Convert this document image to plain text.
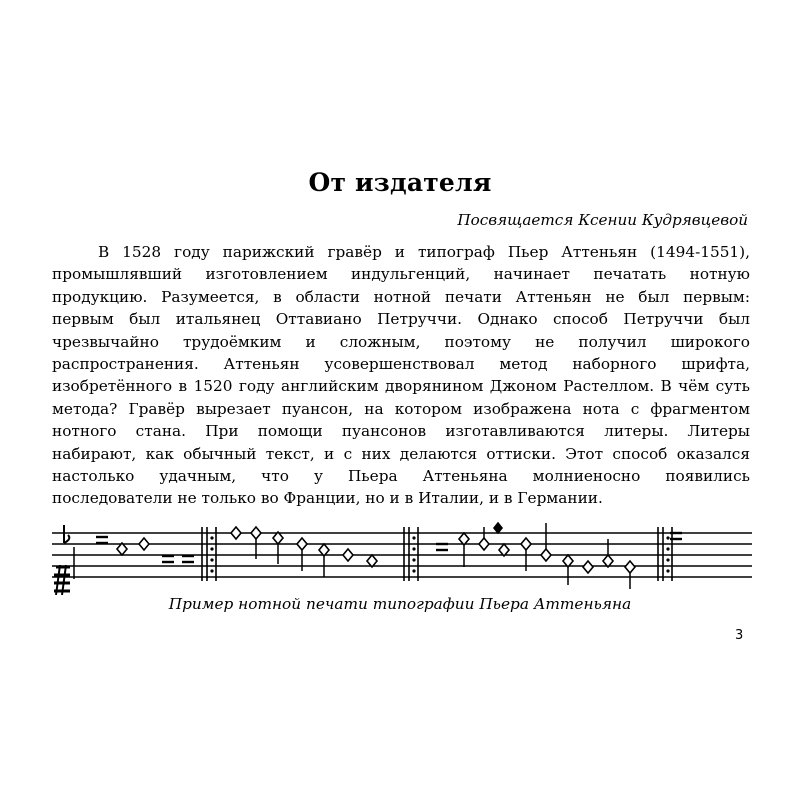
От издателя
Посвящается Ксении Кудрявцевой
В 1528 году парижский гравёр и типограф Пьер Аттеньян (1494-1551),
промышлявший изготовлением индульгенций, начинает печатать нотную
продукцию. Разумеется, в области нотной печати Аттеньян не был первым:
первым был итальянец Оттавиано Петруччи. Однако способ Петруччи был
чрезвычайно трудоёмким и сложным, поэтому не получил широкого
распространения. Аттеньян усовершенствовал метод наборного шрифта,
изобретённого в 1520 году английским дворянином Джоном Растеллом. В чём суть
метода? Гравёр вырезает пуансон, на котором изображена нота с фрагментом
нотного стана. При помощи пуансонов изготавливаются литеры. Литеры
набирают, как обычный текст, и с них делаются оттиски. Этот способ оказался
настолько удачным, что у Пьера Аттеньяна молниеносно появились
последователи не только во Франции, но и в Италии, и в Германии.
Пример нотной печати типографии Пьера Аттеньяна
3
